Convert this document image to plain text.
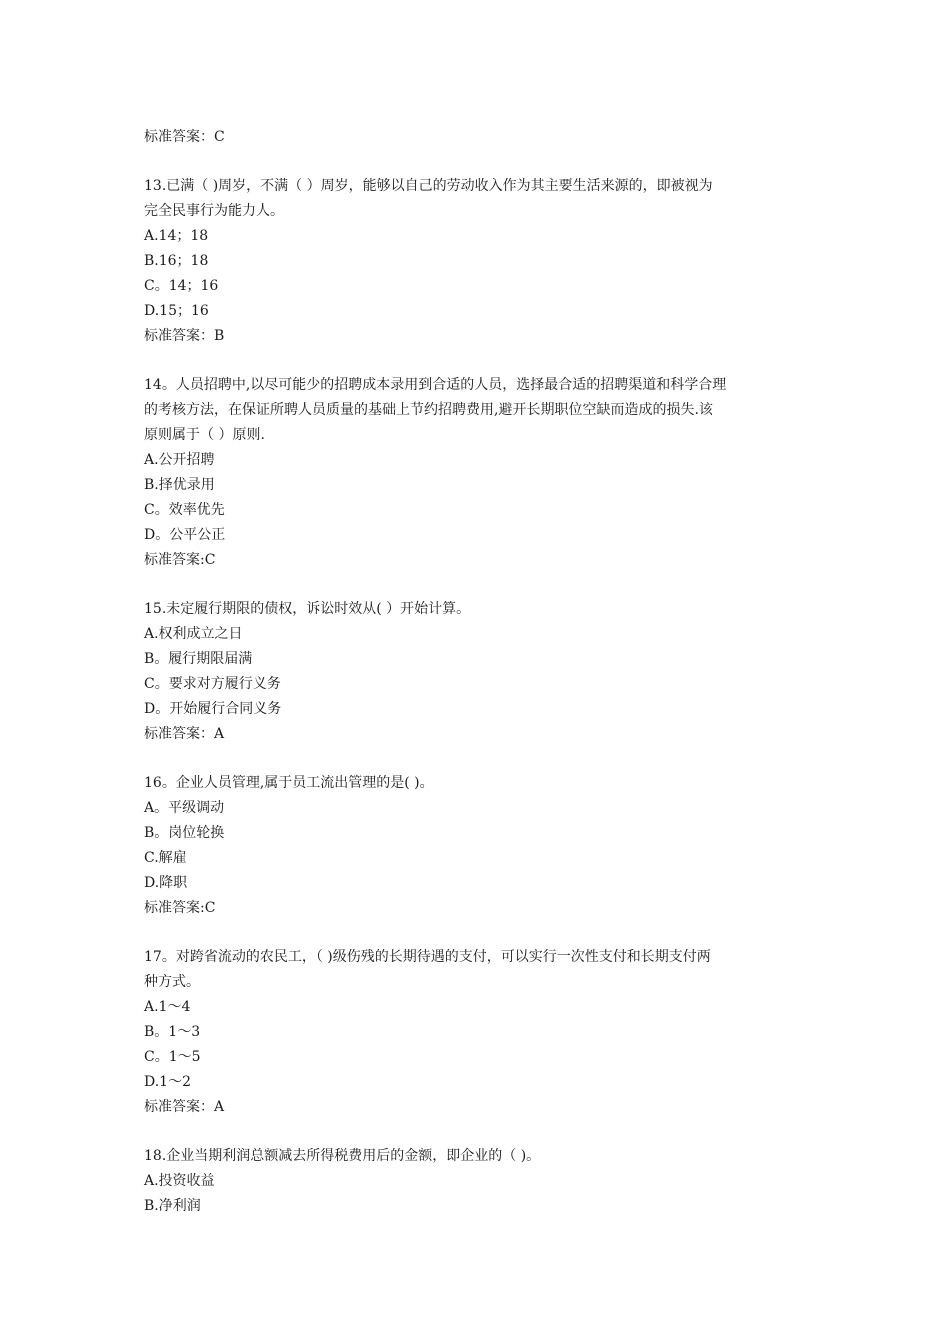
标准答案：C
13.已满（ )周岁，不满（ ）周岁，能够以自己的劳动收入作为其主要生活来源的，即被视为
完全民事行为能力人。
A.14；18
B.16；18
C。14；16
D.15；16
标准答案：B
14。人员招聘中,以尽可能少的招聘成本录用到合适的人员，选择最合适的招聘渠道和科学合理
的考核方法，在保证所聘人员质量的基础上节约招聘费用,避开长期职位空缺而造成的损失.该
原则属于（ ）原则.
A.公开招聘
B.择优录用
C。效率优先
D。公平公正
标准答案:C
15.未定履行期限的债权，诉讼时效从( ）开始计算。
A.权利成立之日
B。履行期限届满
C。要求对方履行义务
D。开始履行合同义务
标准答案：A
16。企业人员管理,属于员工流出管理的是( )。
A。平级调动
B。岗位轮换
C.解雇
D.降职
标准答案:C
17。对跨省流动的农民工，（ )级伤残的长期待遇的支付，可以实行一次性支付和长期支付两
种方式。
A.1～4
B。1～3
C。1～5
D.1～2
标准答案：A
18.企业当期利润总额减去所得税费用后的金额，即企业的（ )。
A.投资收益
B.净利润
